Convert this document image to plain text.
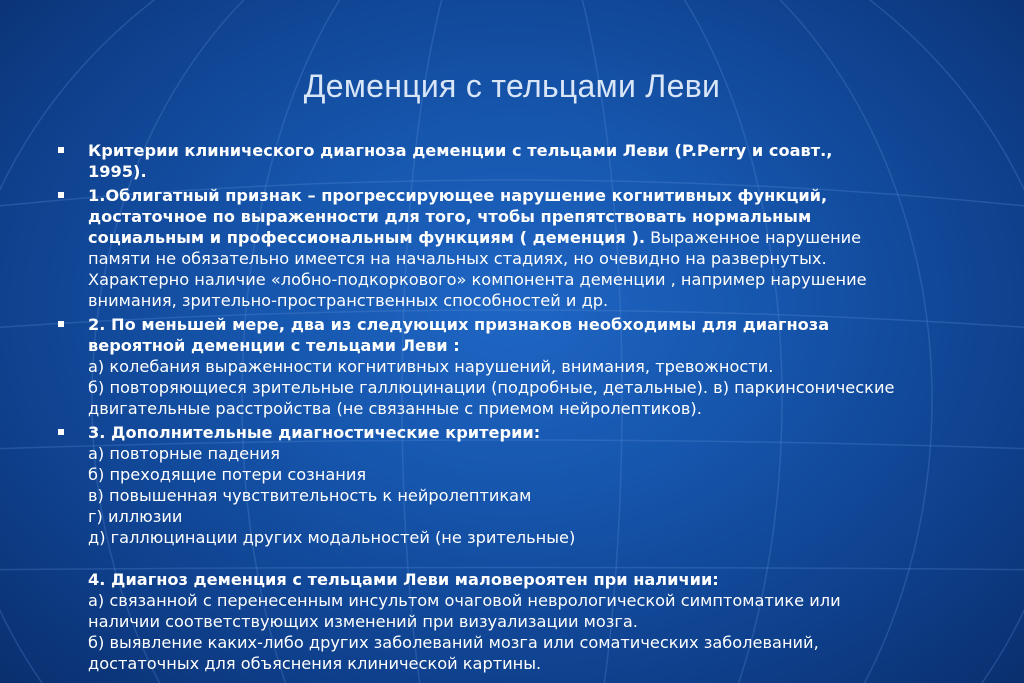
Деменция с тельцами Леви
Критерии клинического диагноза деменции с тельцами Леви (P.Perry и соавт.,
1995).
1.Облигатный признак – прогрессирующее нарушение когнитивных функций,
достаточное по выраженности для того, чтобы препятствовать нормальным
социальным и профессиональным функциям ( деменция ). Выраженное нарушение
памяти не обязательно имеется на начальных стадиях, но очевидно на развернутых.
Характерно наличие «лобно-подкоркового» компонента деменции , например нарушение
внимания, зрительно-пространственных способностей и др.
2. По меньшей мере, два из следующих признаков необходимы для диагноза
вероятной деменции с тельцами Леви :
а) колебания выраженности когнитивных нарушений, внимания, тревожности.
б) повторяющиеся зрительные галлюцинации (подробные, детальные). в) паркинсонические
двигательные расстройства (не связанные с приемом нейролептиков).
3. Дополнительные диагностические критерии:
а) повторные падения
б) преходящие потери сознания
в) повышенная чувствительность к нейролептикам
г) иллюзии
д) галлюцинации других модальностей (не зрительные)
4. Диагноз деменция с тельцами Леви маловероятен при наличии:
а) связанной с перенесенным инсультом очаговой неврологической симптоматике или
наличии соответствующих изменений при визуализации мозга.
б) выявление каких-либо других заболеваний мозга или соматических заболеваний,
достаточных для объяснения клинической картины.
